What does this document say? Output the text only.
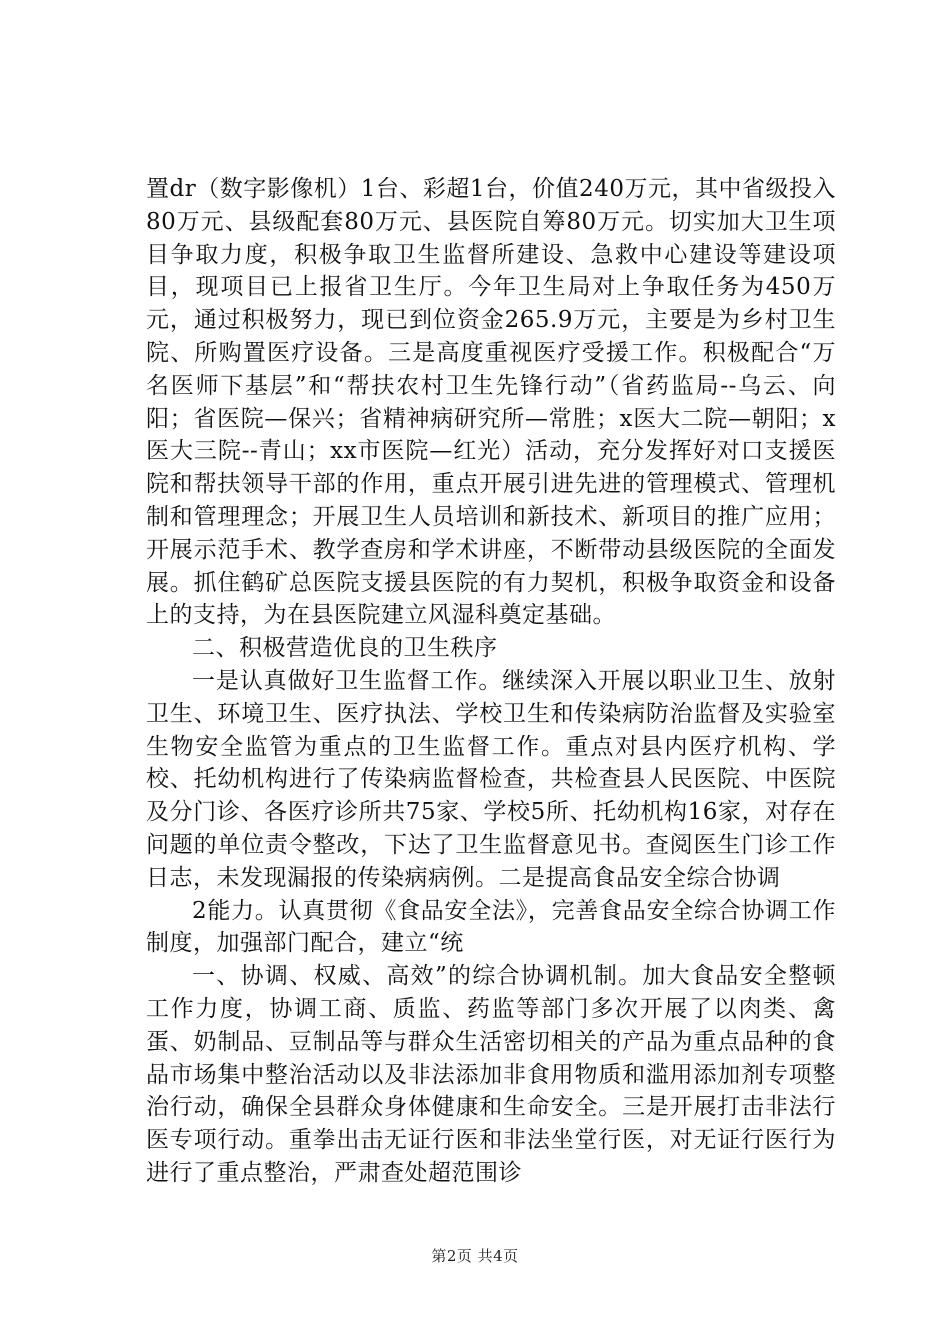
置dr（数字影像机）1台、彩超1台，价值240万元，其中省级投入80万元、县级配套80万元、县医院自筹80万元。切实加大卫生项目争取力度，积极争取卫生监督所建设、急救中心建设等建设项目，现项目已上报省卫生厅。今年卫生局对上争取任务为450万元，通过积极努力，现已到位资金265.9万元，主要是为乡村卫生院、所购置医疗设备。三是高度重视医疗受援工作。积极配合“万名医师下基层”和“帮扶农村卫生先锋行动”（省药监局--乌云、向阳；省医院—保兴；省精神病研究所—常胜；x医大二院—朝阳；x医大三院--青山；xx市医院—红光）活动，充分发挥好对口支援医院和帮扶领导干部的作用，重点开展引进先进的管理模式、管理机制和管理理念；开展卫生人员培训和新技术、新项目的推广应用；开展示范手术、教学查房和学术讲座，不断带动县级医院的全面发展。抓住鹤矿总医院支援县医院的有力契机，积极争取资金和设备上的支持，为在县医院建立风湿科奠定基础。

二、积极营造优良的卫生秩序

一是认真做好卫生监督工作。继续深入开展以职业卫生、放射卫生、环境卫生、医疗执法、学校卫生和传染病防治监督及实验室生物安全监管为重点的卫生监督工作。重点对县内医疗机构、学校、托幼机构进行了传染病监督检查，共检查县人民医院、中医院及分门诊、各医疗诊所共75家、学校5所、托幼机构16家，对存在问题的单位责令整改，下达了卫生监督意见书。查阅医生门诊工作日志，未发现漏报的传染病病例。二是提高食品安全综合协调

2能力。认真贯彻《食品安全法》，完善食品安全综合协调工作制度，加强部门配合，建立“统

一、协调、权威、高效”的综合协调机制。加大食品安全整顿工作力度，协调工商、质监、药监等部门多次开展了以肉类、禽蛋、奶制品、豆制品等与群众生活密切相关的产品为重点品种的食品市场集中整治活动以及非法添加非食用物质和滥用添加剂专项整治行动，确保全县群众身体健康和生命安全。三是开展打击非法行医专项行动。重拳出击无证行医和非法坐堂行医，对无证行医行为进行了重点整治，严肃查处超范围诊

第2页 共4页
